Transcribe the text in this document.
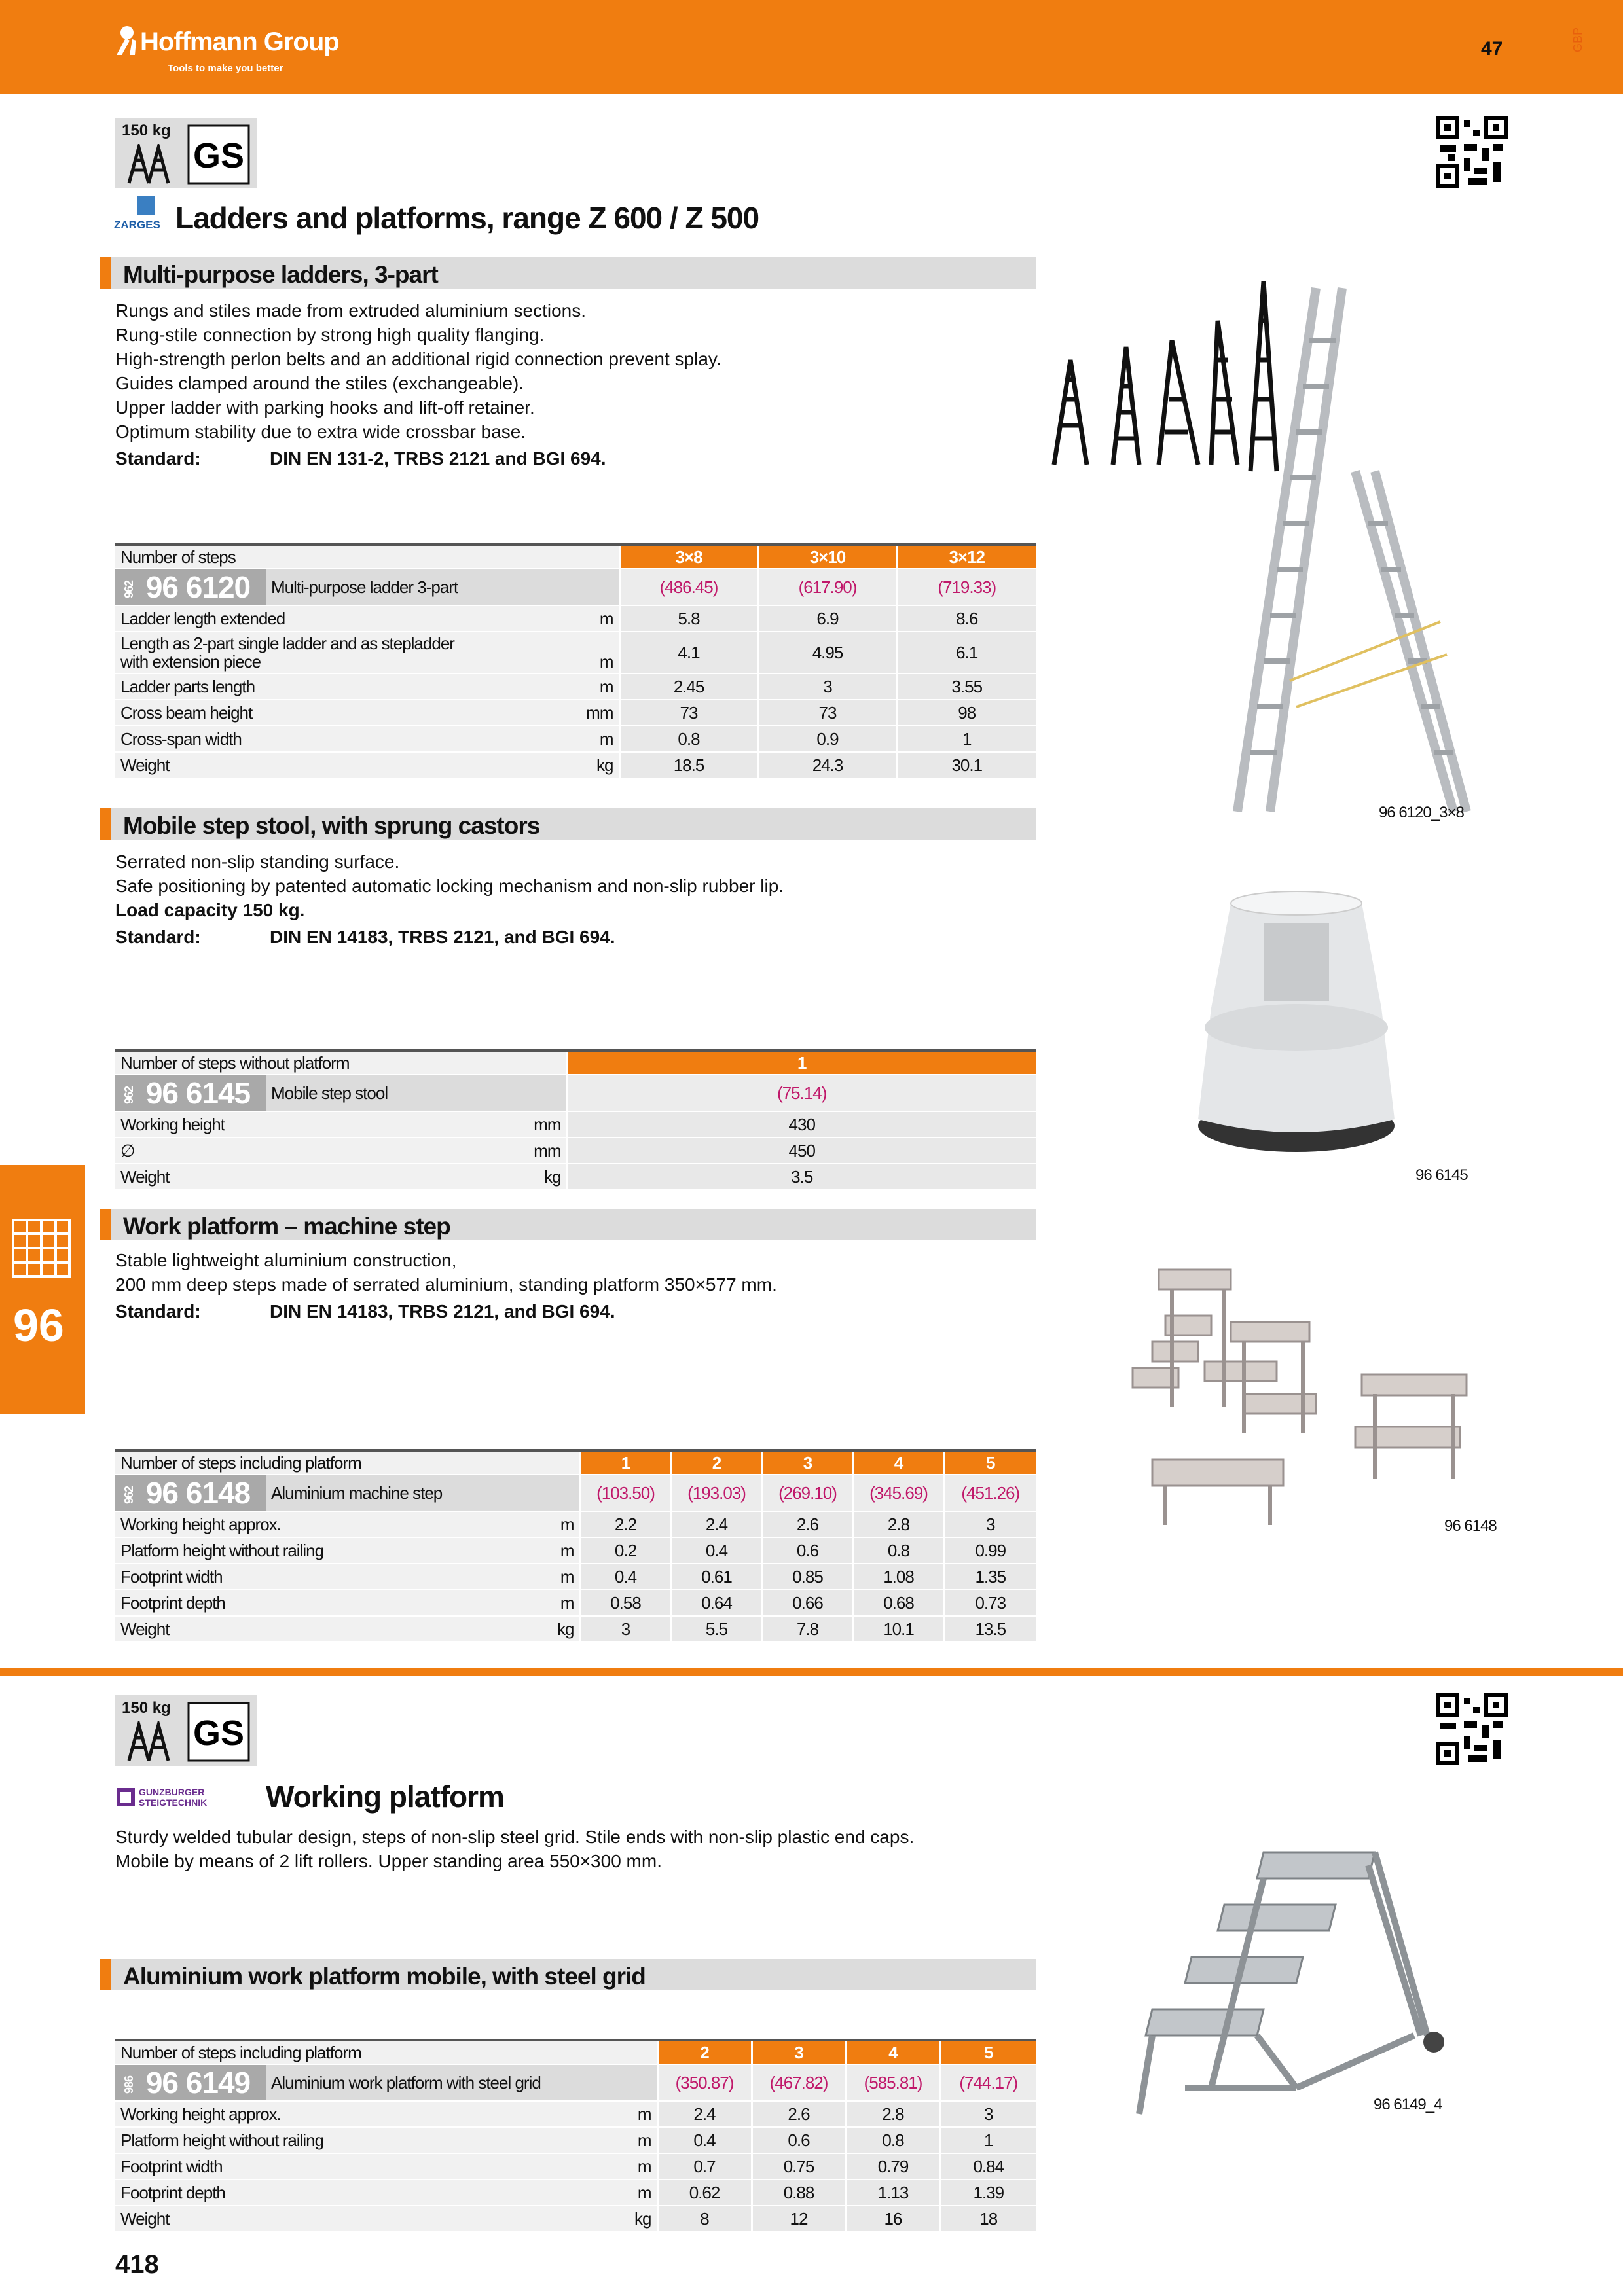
Hoffmann Group
Tools to make you better
47	GBP
150 kg
GS
ZARGES Ladders and platforms, range Z 600 / Z 500
Multi-purpose ladders, 3-part
Rungs and stiles made from extruded aluminium sections.
Rung-stile connection by strong high quality flanging.
High-strength perlon belts and an additional rigid connection prevent splay.
Guides clamped around the stiles (exchangeable).
Upper ladder with parking hooks and lift-off retainer.
Optimum stability due to extra wide crossbar base.
Standard:	DIN EN 131-2, TRBS 2121 and BGI 694.
Number of steps		3×8	3×10	3×12
962 96 6120	Multi-purpose ladder 3-part	(486.45)	(617.90)	(719.33)
Ladder length extended m		5.8	6.9	8.6
Length as 2-part single ladder and as stepladder with extension piece m		4.1	4.95	6.1
Ladder parts length m		2.45	3	3.55
Cross beam height mm		73	73	98
Cross-span width m		0.8	0.9	1
Weight kg		18.5	24.3	30.1
96 6120_3×8
Mobile step stool, with sprung castors
Serrated non-slip standing surface.
Safe positioning by patented automatic locking mechanism and non-slip rubber lip.
Load capacity 150 kg.
Standard:	DIN EN 14183, TRBS 2121, and BGI 694.
Number of steps without platform		1
962 96 6145	Mobile step stool	(75.14)
Working height mm		430
∅ mm		450
Weight kg		3.5	96 6145
Work platform – machine step
Stable lightweight aluminium construction,
200 mm deep steps made of serrated aluminium, standing platform 350×577 mm.
Standard:	DIN EN 14183, TRBS 2121, and BGI 694.
Number of steps including platform		1	2	3	4	5
962 96 6148	Aluminium machine step	(103.50)	(193.03)	(269.10)	(345.69)	(451.26)
Working height approx. m		2.2	2.4	2.6	2.8	3
Platform height without railing m		0.2	0.4	0.6	0.8	0.99
Footprint width m		0.4	0.61	0.85	1.08	1.35
Footprint depth m		0.58	0.64	0.66	0.68	0.73
Weight kg		3	5.5	7.8	10.1	13.5
96 6148
96
150 kg
GS
GUNZBURGER STEIGTECHNIK	Working platform
Sturdy welded tubular design, steps of non-slip steel grid. Stile ends with non-slip plastic end caps.
Mobile by means of 2 lift rollers. Upper standing area 550×300 mm.
Aluminium work platform mobile, with steel grid
Number of steps including platform		2	3	4	5
986 96 6149	Aluminium work platform with steel grid	(350.87)	(467.82)	(585.81)	(744.17)
Working height approx. m		2.4	2.6	2.8	3
Platform height without railing m		0.4	0.6	0.8	1
Footprint width m		0.7	0.75	0.79	0.84
Footprint depth m		0.62	0.88	1.13	1.39
Weight kg		8	12	16	18
96 6149_4
418
